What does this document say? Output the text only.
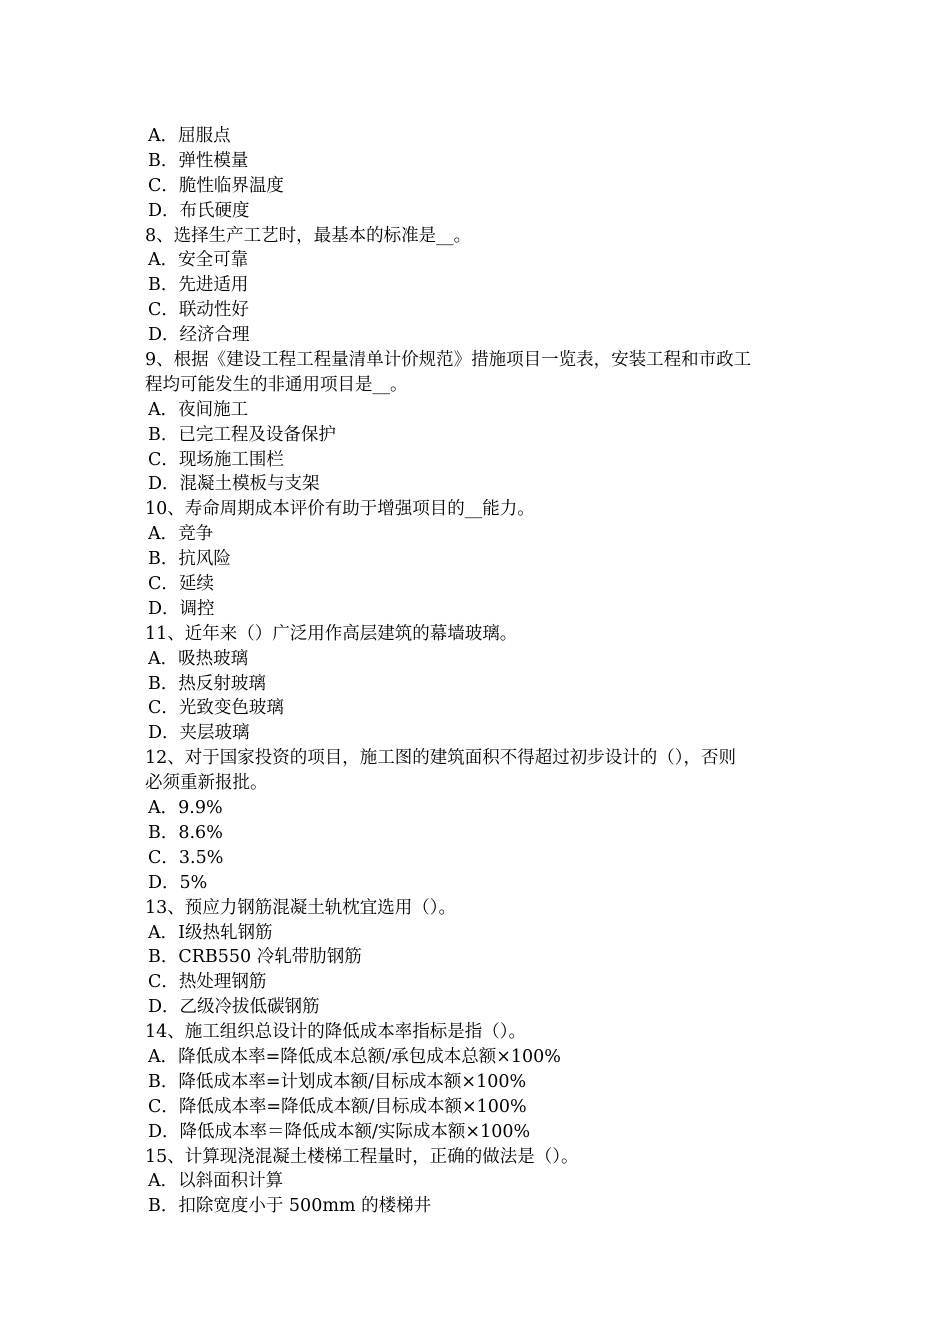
A．屈服点
B．弹性模量
C．脆性临界温度
D．布氏硬度
8、选择生产工艺时，最基本的标准是__。
A．安全可靠
B．先进适用
C．联动性好
D．经济合理
9、根据《建设工程工程量清单计价规范》措施项目一览表，安装工程和市政工
程均可能发生的非通用项目是__。
A．夜间施工
B．已完工程及设备保护
C．现场施工围栏
D．混凝土模板与支架
10、寿命周期成本评价有助于增强项目的__能力。
A．竞争
B．抗风险
C．延续
D．调控
11、近年来（）广泛用作高层建筑的幕墙玻璃。
A．吸热玻璃
B．热反射玻璃
C．光致变色玻璃
D．夹层玻璃
12、对于国家投资的项目，施工图的建筑面积不得超过初步设计的（），否则
必须重新报批。
A．9.9%
B．8.6%
C．3.5%
D．5%
13、预应力钢筋混凝土轨枕宜选用（）。
A．Ⅰ级热轧钢筋
B．CRB550 冷轧带肋钢筋
C．热处理钢筋
D．乙级冷拔低碳钢筋
14、施工组织总设计的降低成本率指标是指（）。
A．降低成本率=降低成本总额/承包成本总额×100%
B．降低成本率=计划成本额/目标成本额×100%
C．降低成本率=降低成本额/目标成本额×100%
D．降低成本率＝降低成本额/实际成本额×100%
15、计算现浇混凝土楼梯工程量时，正确的做法是（）。
A．以斜面积计算
B．扣除宽度小于 500mm 的楼梯井
